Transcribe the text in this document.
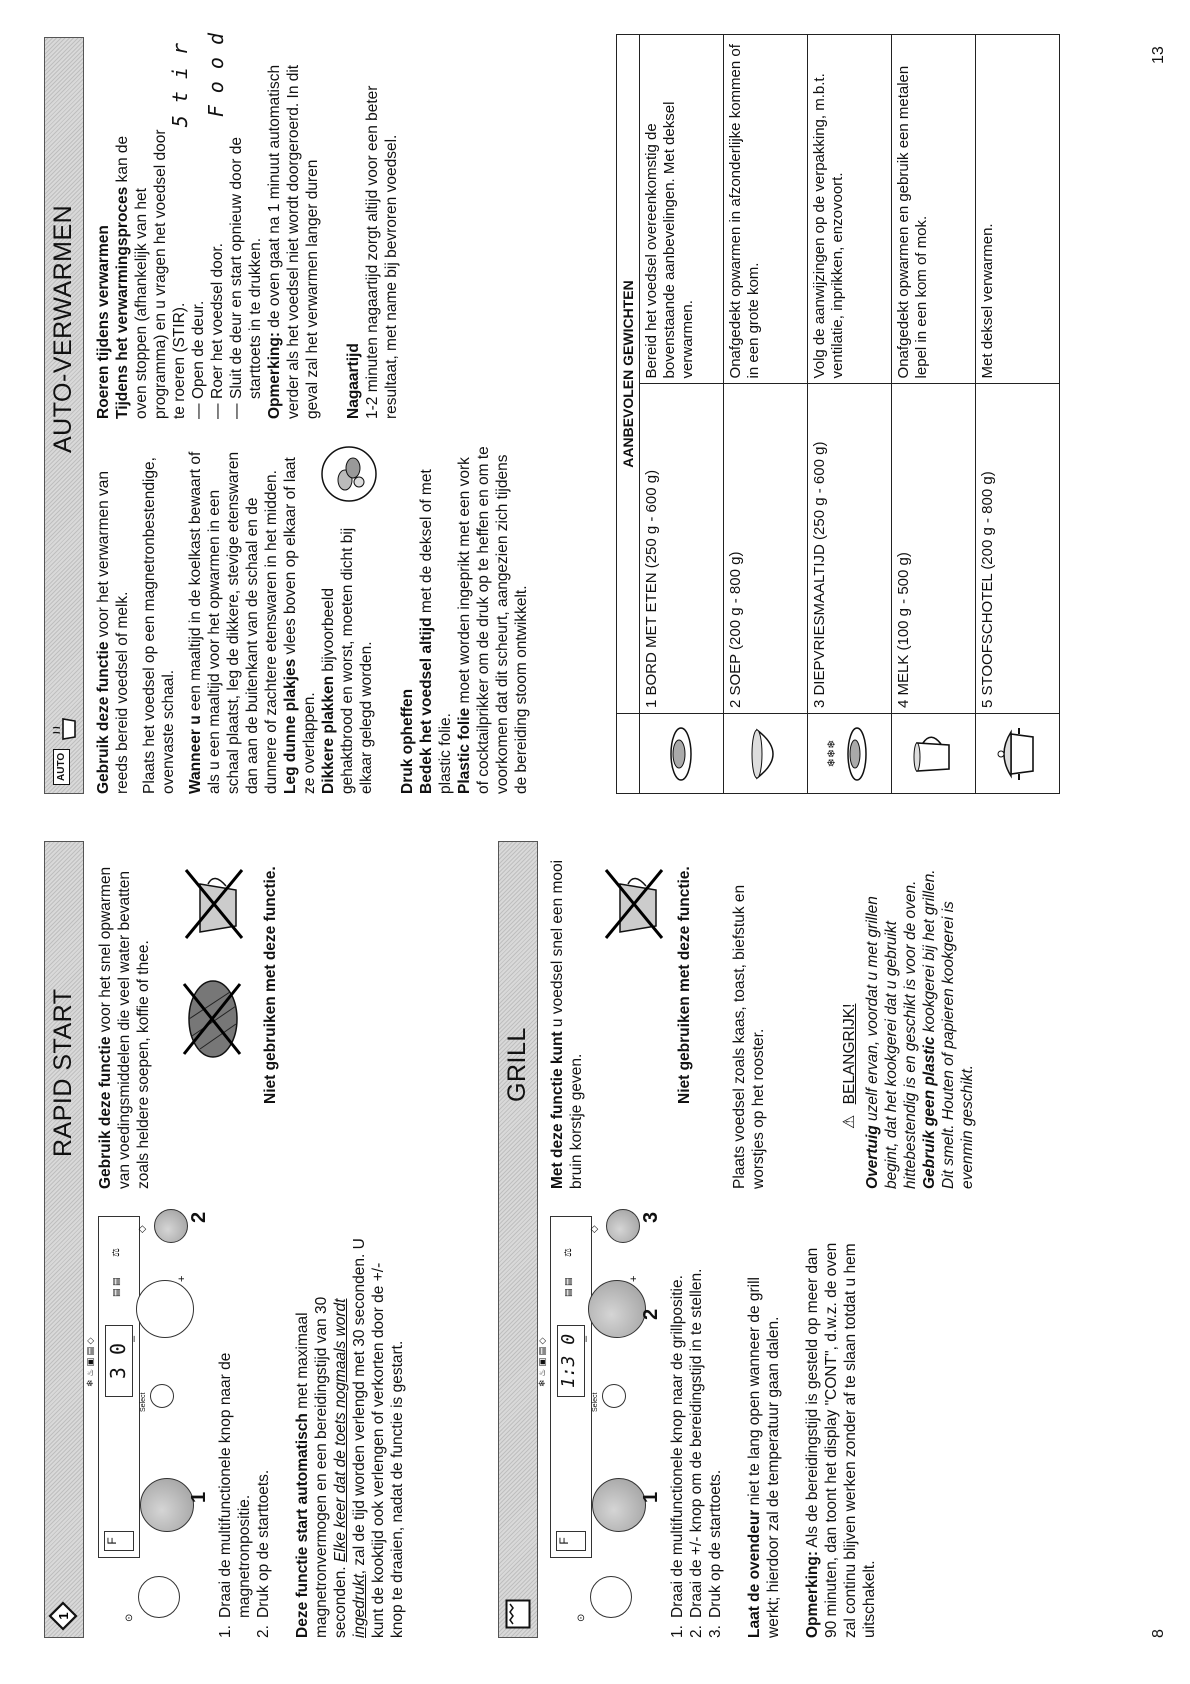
1
RAPID START
⊙
F
3 0
❄ ♨ ▣ ▤ ◇
▤ ▤
⚖
Select
–
+
◇
1
2
1.
Draai de multifunctionele knop naar de magnetronpositie.
2.
Druk op de starttoets. Deze functie start automatisch met maximaal magnetronvermogen en een bereidingstijd van 30 seconden. Elke keer dat de toets nogmaals wordt ingedrukt, zal de tijd worden verlengd met 30 seconden. U kunt de kooktijd ook verlengen of verkorten door de +/- knop te draaien, nadat de functie is gestart.

Gebruik deze functie voor het snel opwarmen van voedingsmiddelen die veel water bevatten zoals heldere soepen, koffie of thee.	Niet gebruiken met deze functie.	GRILL
⊙
F
1:3 0
❄ ♨ ▣ ▤ ◇
▤ ▤
⚖
Select
–
+
◇
1
2
3
1.
Draai de multifunctionele knop naar de grillpositie.
2.
Draai de +/- knop om de bereidingstijd in te stellen.
3.
Druk op de starttoets. Laat de ovendeur niet te lang open wanneer de grill werkt; hierdoor zal de temperatuur gaan dalen. Opmerking: Als de bereidingstijd is gesteld op meer dan 90 minuten, dan toont het display "CONT", d.w.z. de oven zal continu blijven werken zonder af te slaan totdat u hem uitschakelt.

Met deze functie kunt u voedsel snel een mooi bruin korstje geven.

Niet gebruiken met deze functie. Plaats voedsel zoals kaas, toast, biefstuk en worstjes op het rooster.	⚠ BELANGRIJK!

Overtuig uzelf ervan, voordat u met grillen begint, dat het kookgerei dat u gebruikt hittebestendig is en geschikt is voor de oven. Gebruik geen plastic kookgerei bij het grillen. Dit smelt. Houten of papieren kookgerei is evenmin geschikt.

8
AUTO
AUTO-VERWARMEN

Gebruik deze functie voor het verwarmen van reeds bereid voedsel of melk. Plaats het voedsel op een magnetronbestendige, ovenvaste schaal. Wanneer u een maaltijd in de koelkast bewaart of als u een maaltijd voor het opwarmen in een schaal plaatst, leg de dikkere, stevige etenswaren dan aan de buitenkant van de schaal en de dunnere of zachtere etenswaren in het midden. Leg dunne plakjes vlees boven op elkaar of laat ze overlappen. Dikkere plakken bijvoorbeeld gehaktbrood en worst, moeten dicht bij elkaar gelegd worden. Druk opheffen Bedek het voedsel altijd met de deksel of met plastic folie. Plastic folie moet worden ingeprikt met een vork of cocktailprikker om de druk op te heffen en om te voorkomen dat dit scheurt, aangezien zich tijdens de bereiding stoom ontwikkelt.

Roeren tijdens verwarmen Tijdens het verwarmingsproces kan de oven stoppen (afhankelijk van het programma) en u vragen het voedsel door te roeren (STIR). —
Open de deur.
—
Roer het voedsel door.
—
Sluit de deur en start opnieuw door de starttoets in te drukken.
5 t i r F o o d

Opmerking: de oven gaat na 1 minuut automatisch verder als het voedsel niet wordt doorgeroerd. In dit geval zal het verwarmen langer duren Nagaartijd 1-2 minuten nagaartijd zorgt altijd voor een beter resultaat, met name bij bevroren voedsel.

		AANBEVOLEN GEWICHTEN	
	1 BORD MET ETEN (250 g - 600 g)	Bereid het voedsel overeenkomstig de bovenstaande aanbevelingen. Met deksel verwarmen.
	2 SOEP (200 g - 800 g)	Onafgedekt opwarmen in afzonderlijke kommen of in een grote kom.

❄❄❄	3 DIEPVRIESMAALTIJD (250 g - 600 g)	Volg de aanwijzingen op de verpakking, m.b.t. ventilatie, inprikken, enzovoort.
	4 MELK (100 g - 500 g)	Onafgedekt opwarmen en gebruik een metalen lepel in een kom of mok.
	5 STOOFSCHOTEL (200 g - 800 g)	Met deksel verwarmen.
13
